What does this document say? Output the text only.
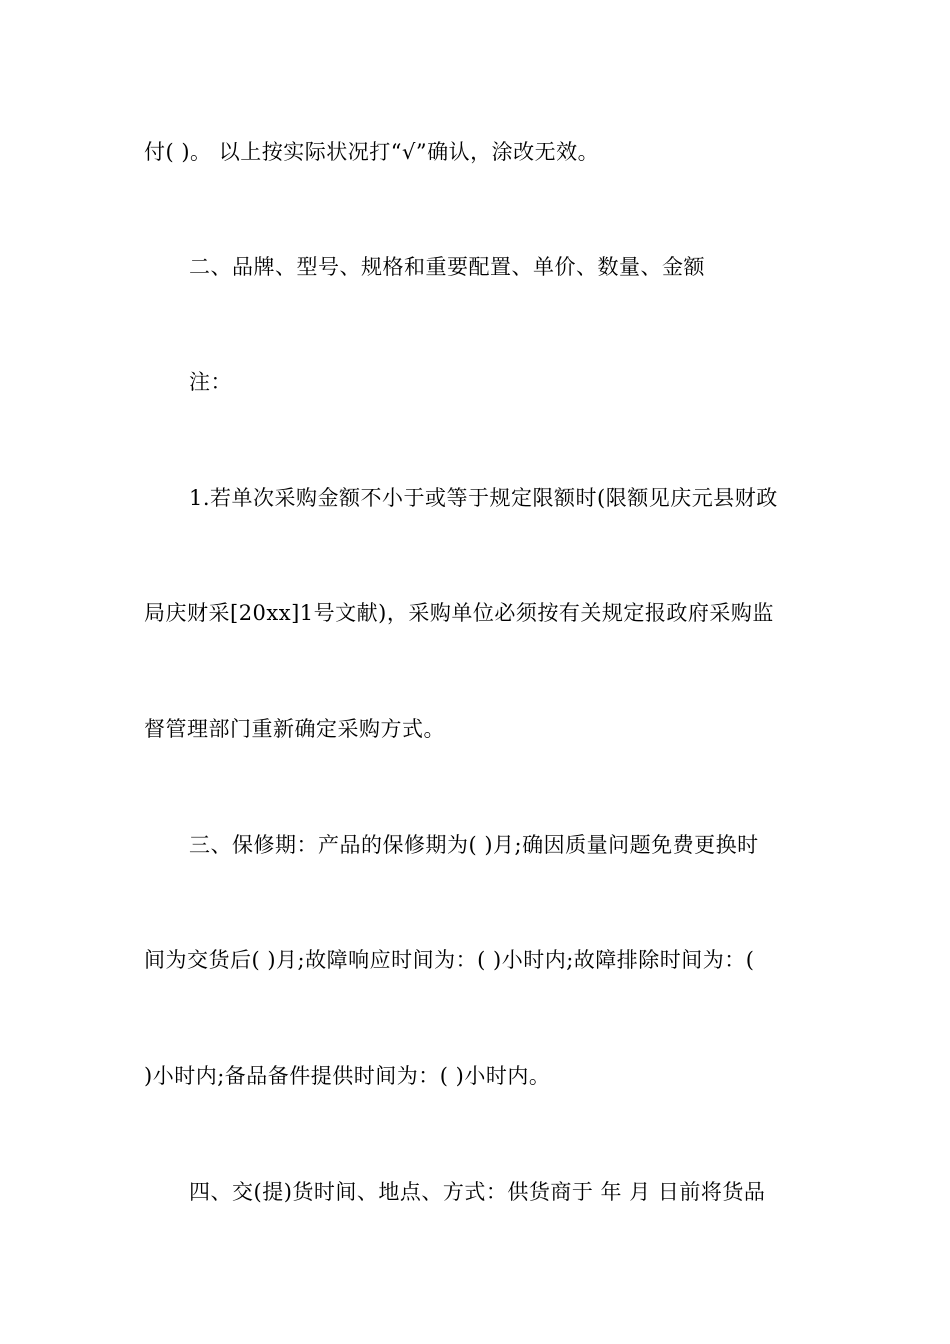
付( )。 以上按实际状况打“√”确认，涂改无效。
二、品牌、型号、规格和重要配置、单价、数量、金额
注：
1.若单次采购金额不小于或等于规定限额时(限额见庆元县财政
局庆财采[20xx]1号文献)，采购单位必须按有关规定报政府采购监
督管理部门重新确定采购方式。
三、保修期：产品的保修期为( )月;确因质量问题免费更换时
间为交货后( )月;故障响应时间为：( )小时内;故障排除时间为：(
)小时内;备品备件提供时间为：( )小时内。
四、交(提)货时间、地点、方式：供货商于 年 月 日前将货品
